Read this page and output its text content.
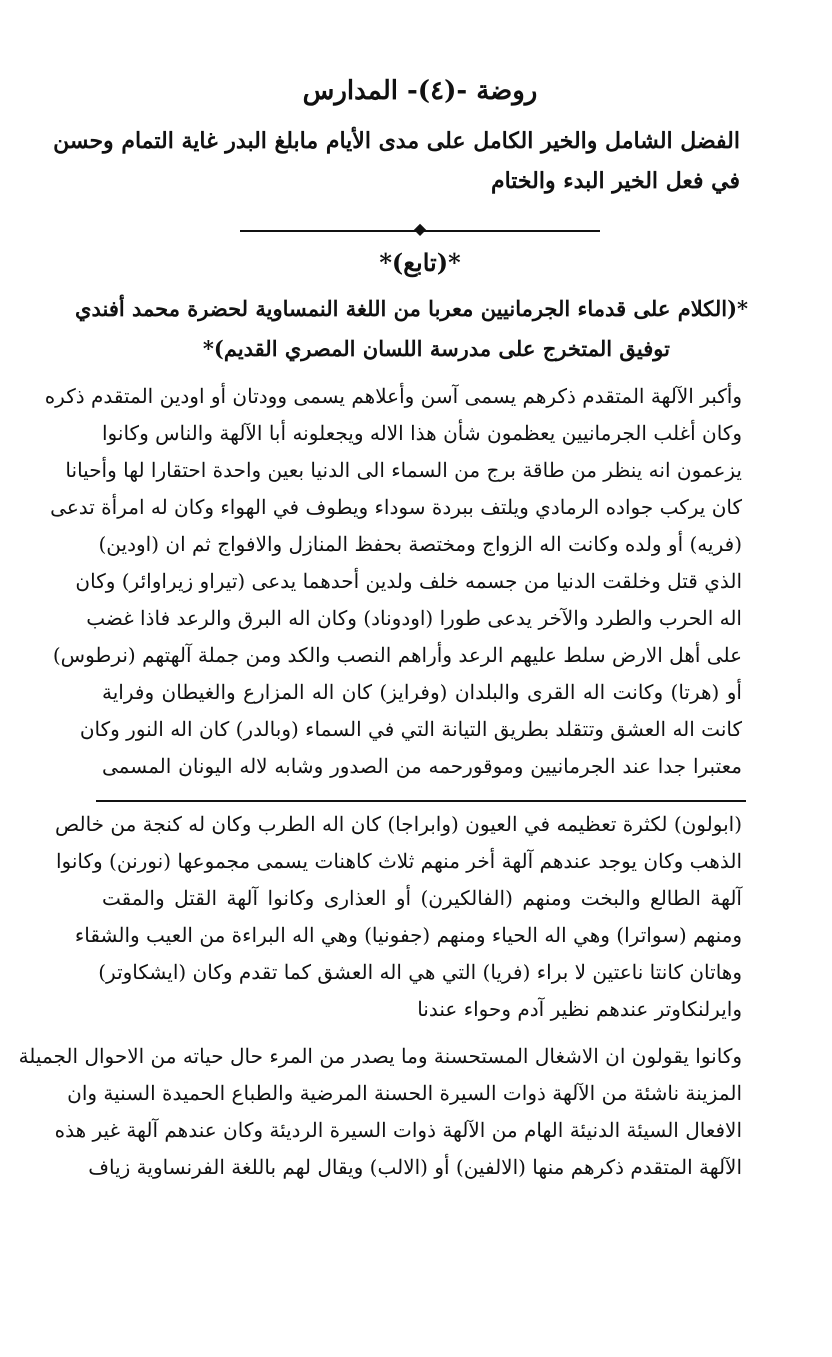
روضة -(٤)- المدارس
الفضل الشامل والخير الكامل على مدى الأيام مابلغ البدر غاية التمام وحسن
في فعل الخير البدء والختام
◆
*(تابع)*
*(الكلام على قدماء الجرمانيين معربا من اللغة النمساوية لحضرة محمد أفندي
توفيق المتخرج على مدرسة اللسان المصري القديم)*
وأكبر الآلهة المتقدم ذكرهم يسمى آسن وأعلاهم يسمى وودتان أو اودين المتقدم ذكره
وكان أغلب الجرمانيين يعظمون شأن هذا الاله ويجعلونه أبا الآلهة والناس وكانوا
يزعمون انه ينظر من طاقة برج من السماء الى الدنيا بعين واحدة احتقارا لها وأحيانا
كان يركب جواده الرمادي ويلتف ببردة سوداء ويطوف في الهواء وكان له امرأة تدعى
(فريه) أو ولده وكانت اله الزواج ومختصة بحفظ المنازل والافواج ثم ان (اودين)
الذي قتل وخلقت الدنيا من جسمه خلف ولدين أحدهما يدعى (تيراو زيراوائر) وكان
اله الحرب والطرد والآخر يدعى طورا (اودوناد) وكان اله البرق والرعد فاذا غضب
على أهل الارض سلط عليهم الرعد وأراهم النصب والكد ومن جملة آلهتهم (نرطوس)
أو (هرتا) وكانت اله القرى والبلدان (وفرايز) كان اله المزارع والغيطان وفراية
كانت اله العشق وتتقلد بطريق التيانة التي في السماء (وبالدر) كان اله النور وكان
معتبرا جدا عند الجرمانيين وموقورحمه من الصدور وشابه لاله اليونان المسمى
(ابولون) لكثرة تعظيمه في العيون (وابراجا) كان اله الطرب وكان له كنجة من خالص
الذهب وكان يوجد عندهم آلهة أخر منهم ثلاث كاهنات يسمى مجموعها (نورنن) وكانوا
آلهة الطالع والبخت ومنهم (الفالكيرن) أو العذارى وكانوا آلهة القتل والمقت
ومنهم (سواترا) وهي اله الحياء ومنهم (جفونيا) وهي اله البراءة من العيب والشقاء
وهاتان كانتا ناعتين لا براء (فريا) التي هي اله العشق كما تقدم وكان (ايشكاوتر)
وايرلنكاوتر عندهم نظير آدم وحواء عندنا
وكانوا يقولون ان الاشغال المستحسنة وما يصدر من المرء حال حياته من الاحوال الجميلة
المزينة ناشئة من الآلهة ذوات السيرة الحسنة المرضية والطباع الحميدة السنية وان
الافعال السيئة الدنيئة الهام من الآلهة ذوات السيرة الرديئة وكان عندهم آلهة غير هذه
الآلهة المتقدم ذكرهم منها (الالفين) أو (الالب) ويقال لهم باللغة الفرنساوية زياف
